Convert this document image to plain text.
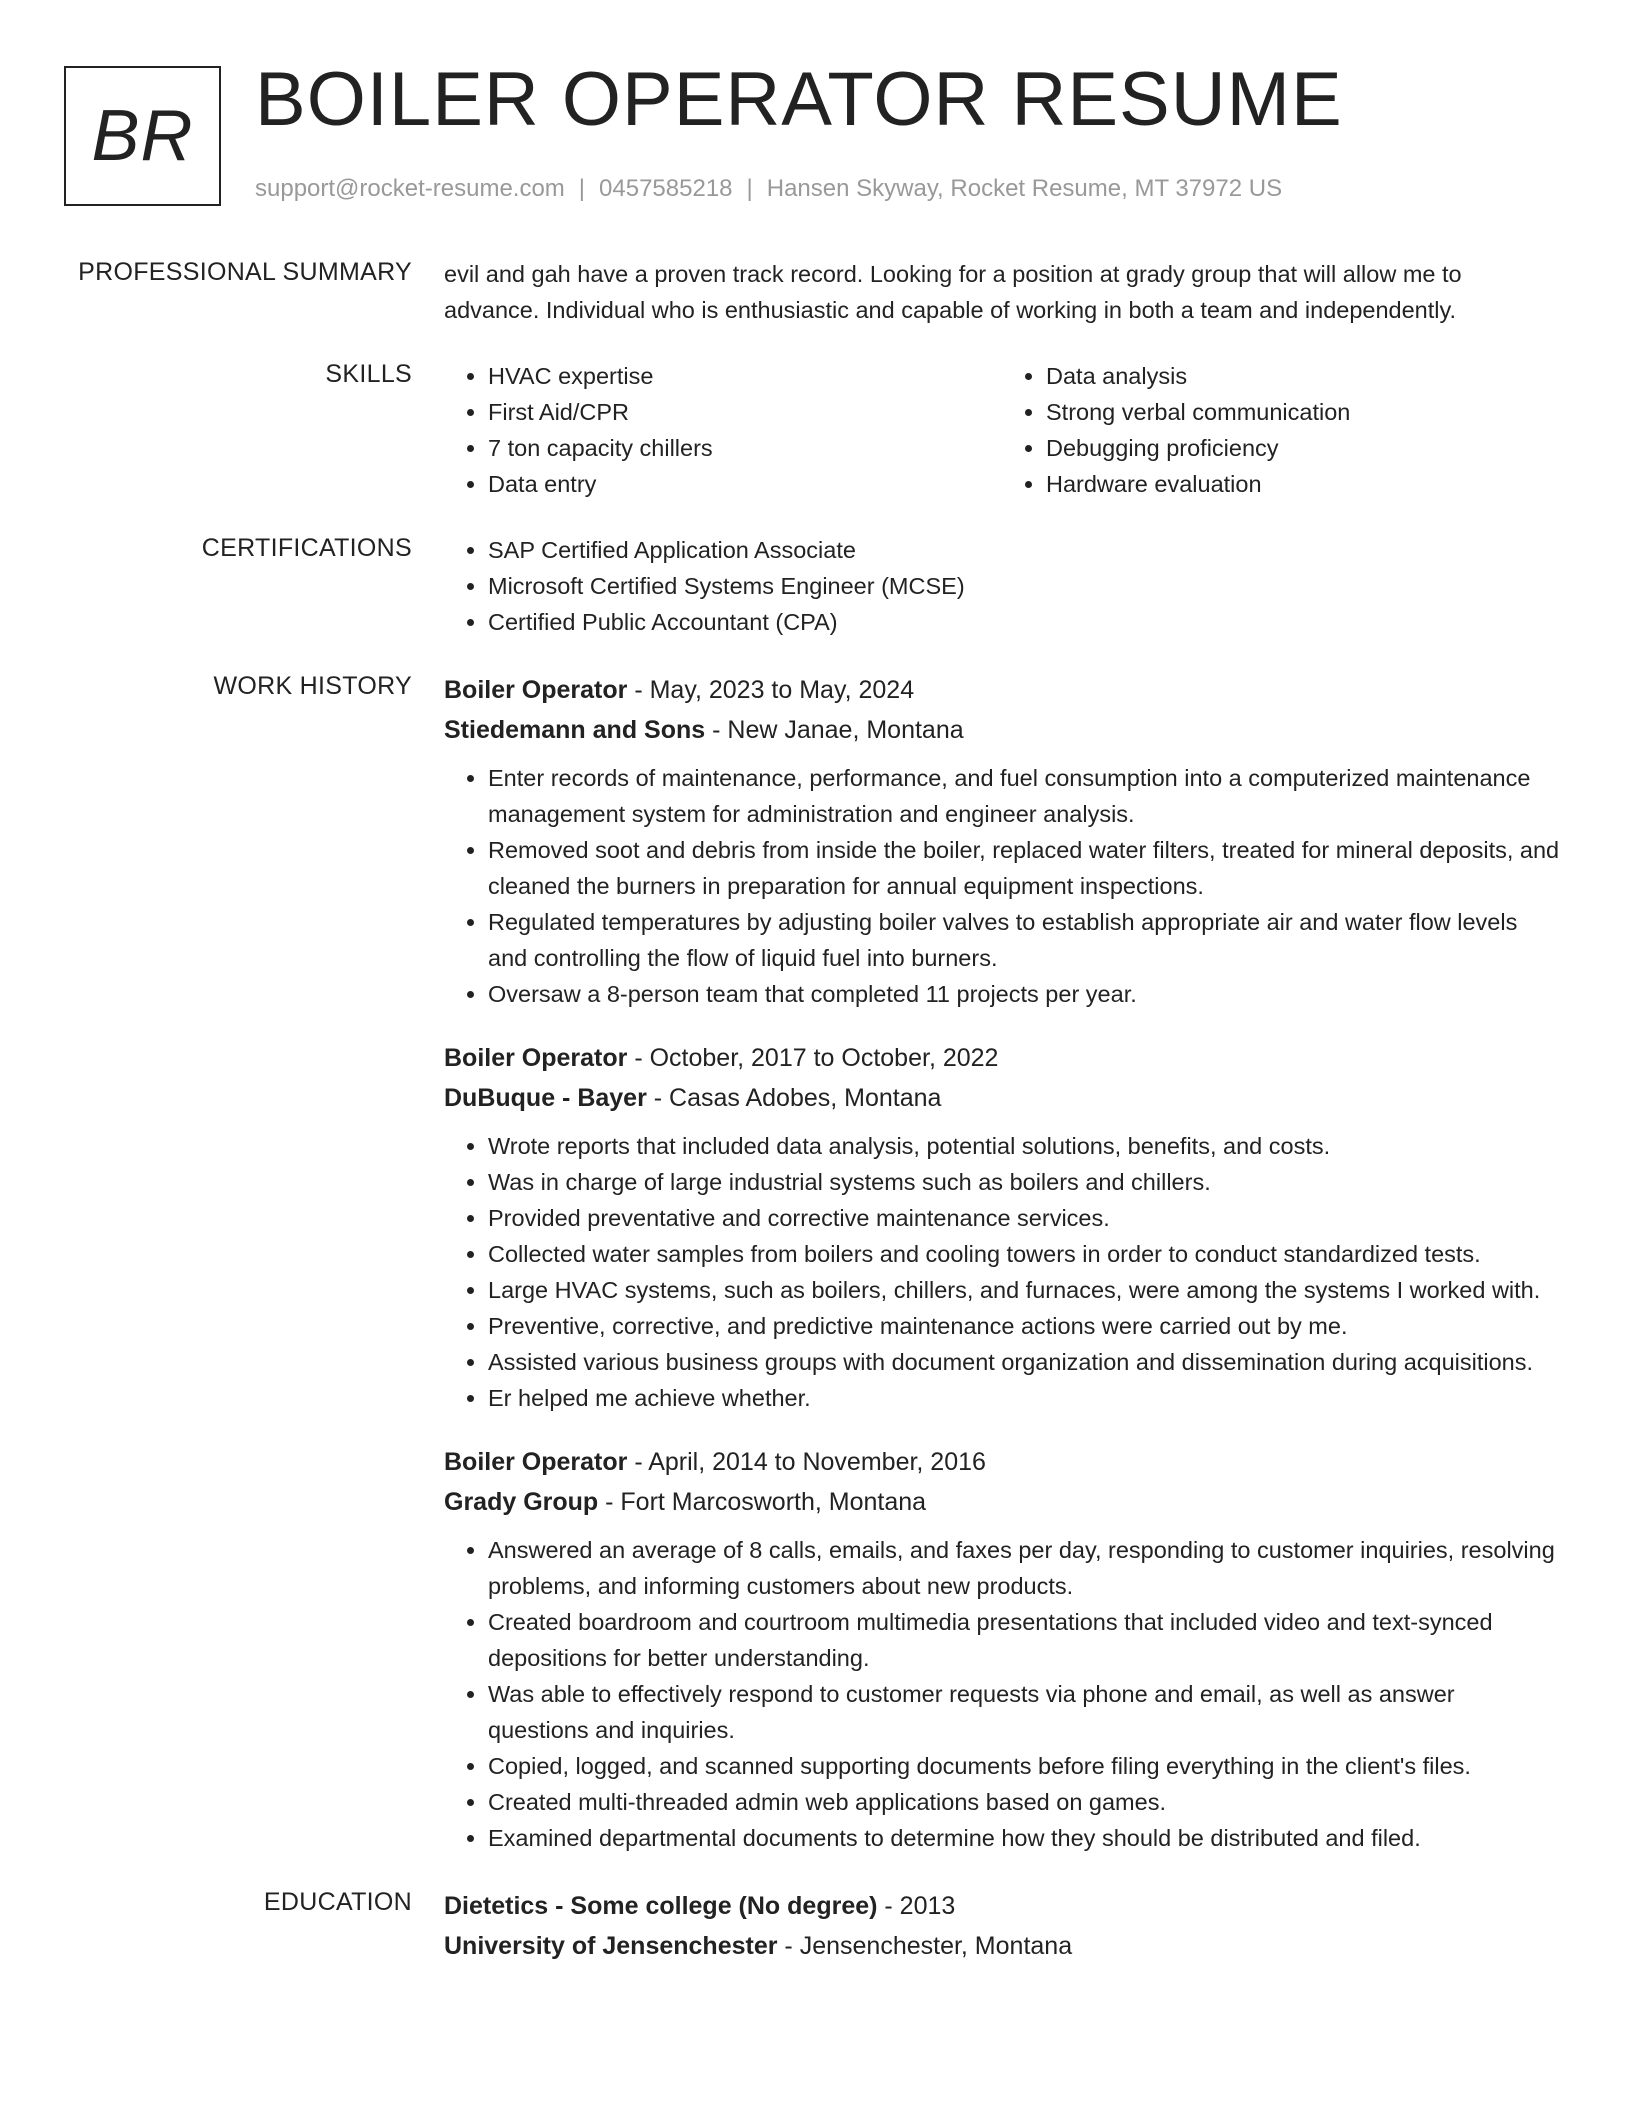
BR BOILER OPERATOR RESUME
support@rocket-resume.com | 0457585218 | Hansen Skyway, Rocket Resume, MT 37972 US
PROFESSIONAL SUMMARY evil and gah have a proven track record. Looking for a position at grady group that will allow me to advance. Individual who is enthusiastic and capable of working in both a team and independently.

SKILLS	• HVAC expertise
• First Aid/CPR
• 7 ton capacity chillers
• Data entry
• Data analysis
• Strong verbal communication
• Debugging proficiency
• Hardware evaluation
CERTIFICATIONS	• SAP Certified Application Associate
• Microsoft Certified Systems Engineer (MCSE)
• Certified Public Accountant (CPA)
WORK HISTORY Boiler Operator - May, 2023 to May, 2024
Stiedemann and Sons - New Janae, Montana
• Enter records of maintenance, performance, and fuel consumption into a computerized maintenance management system for administration and engineer analysis.
• Removed soot and debris from inside the boiler, replaced water filters, treated for mineral deposits, and cleaned the burners in preparation for annual equipment inspections.
• Regulated temperatures by adjusting boiler valves to establish appropriate air and water flow levels and controlling the flow of liquid fuel into burners.
• Oversaw a 8-person team that completed 11 projects per year.
Boiler Operator - October, 2017 to October, 2022
DuBuque - Bayer - Casas Adobes, Montana
• Wrote reports that included data analysis, potential solutions, benefits, and costs.
• Was in charge of large industrial systems such as boilers and chillers.
• Provided preventative and corrective maintenance services.
• Collected water samples from boilers and cooling towers in order to conduct standardized tests.
• Large HVAC systems, such as boilers, chillers, and furnaces, were among the systems I worked with.
• Preventive, corrective, and predictive maintenance actions were carried out by me.
• Assisted various business groups with document organization and dissemination during acquisitions.
• Er helped me achieve whether.
Boiler Operator - April, 2014 to November, 2016
Grady Group - Fort Marcosworth, Montana
• Answered an average of 8 calls, emails, and faxes per day, responding to customer inquiries, resolving problems, and informing customers about new products.
• Created boardroom and courtroom multimedia presentations that included video and text-synced depositions for better understanding.
• Was able to effectively respond to customer requests via phone and email, as well as answer questions and inquiries.
• Copied, logged, and scanned supporting documents before filing everything in the client's files.
• Created multi-threaded admin web applications based on games.
• Examined departmental documents to determine how they should be distributed and filed.
EDUCATION Dietetics - Some college (No degree) - 2013
University of Jensenchester - Jensenchester, Montana
